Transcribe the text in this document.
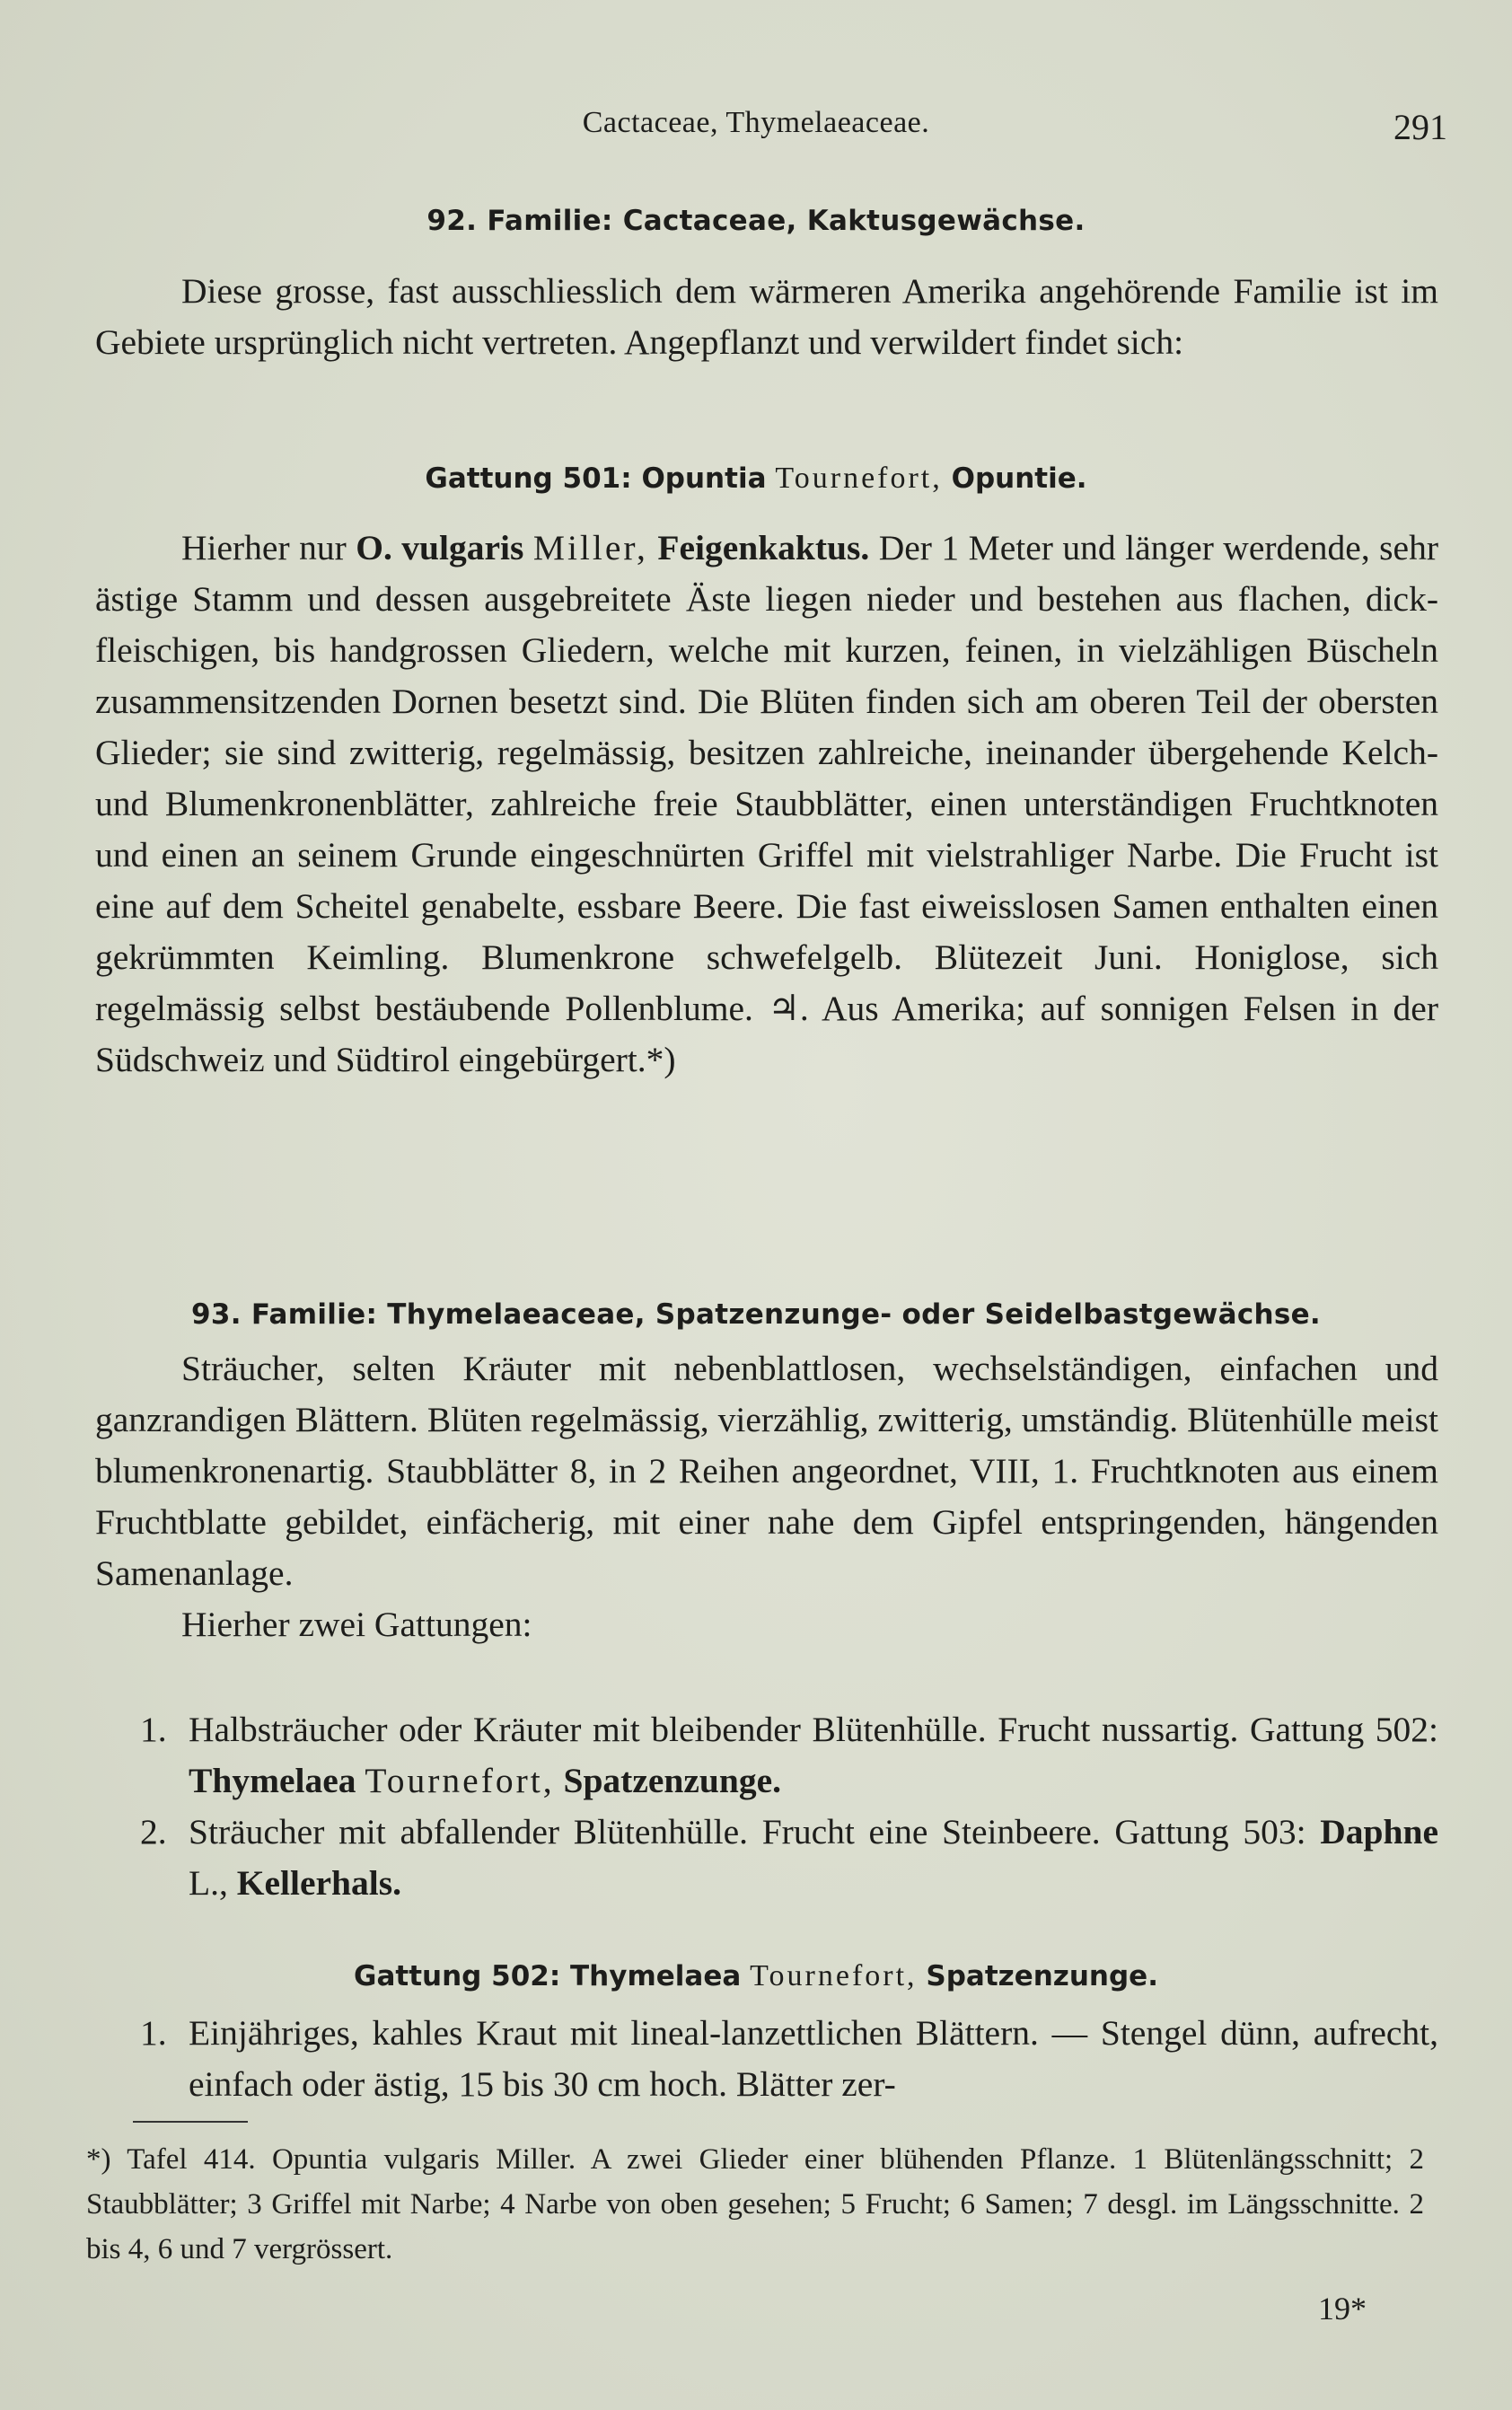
Cactaceae, Thymelaeaceae.	291
92. Familie: Cactaceae, Kaktusgewächse.

Diese grosse, fast ausschliesslich dem wärmeren Amerika angehörende Familie ist im Gebiete ursprünglich nicht vertreten. Angepflanzt und verwildert findet sich:

Gattung 501: Opuntia Tournefort, Opuntie.

Hierher nur O. vulgaris Miller, Feigenkaktus. Der 1 Meter und länger werdende, sehr ästige Stamm und dessen ausgebreitete Äste liegen nieder und bestehen aus flachen, dick-fleischigen, bis handgrossen Gliedern, welche mit kurzen, feinen, in vielzähligen Büscheln zusammensitzenden Dornen besetzt sind. Die Blüten finden sich am oberen Teil der obersten Glieder; sie sind zwitterig, regelmässig, besitzen zahlreiche, ineinander übergehende Kelch- und Blumenkronenblätter, zahlreiche freie Staubblätter, einen unterständigen Fruchtknoten und einen an seinem Grunde eingeschnürten Griffel mit vielstrahliger Narbe. Die Frucht ist eine auf dem Scheitel genabelte, essbare Beere. Die fast eiweisslosen Samen enthalten einen gekrümmten Keimling. Blumenkrone schwefelgelb. Blütezeit Juni. Honiglose, sich regelmässig selbst bestäubende Pollenblume. ♃. Aus Amerika; auf sonnigen Felsen in der Südschweiz und Südtirol eingebürgert.*)

93. Familie: Thymelaeaceae, Spatzenzunge- oder Seidelbastgewächse.

Sträucher, selten Kräuter mit nebenblattlosen, wechselständigen, einfachen und ganzrandigen Blättern. Blüten regelmässig, vierzählig, zwitterig, umständig. Blütenhülle meist blumenkronenartig. Staubblätter 8, in 2 Reihen angeordnet, VIII, 1. Fruchtknoten aus einem Fruchtblatte gebildet, einfächerig, mit einer nahe dem Gipfel entspringenden, hängenden Samenanlage.

Hierher zwei Gattungen:

1. Halbsträucher oder Kräuter mit bleibender Blütenhülle. Frucht nussartig. Gattung 502: Thymelaea Tournefort, Spatzenzunge.
2. Sträucher mit abfallender Blütenhülle. Frucht eine Steinbeere. Gattung 503: Daphne L., Kellerhals.
Gattung 502: Thymelaea Tournefort, Spatzenzunge.
1. Einjähriges, kahles Kraut mit lineal-lanzettlichen Blättern. — Stengel dünn, aufrecht, einfach oder ästig, 15 bis 30 cm hoch. Blätter zer-
*) Tafel 414. Opuntia vulgaris Miller. A zwei Glieder einer blühenden Pflanze. 1 Blütenlängsschnitt; 2 Staubblätter; 3 Griffel mit Narbe; 4 Narbe von oben gesehen; 5 Frucht; 6 Samen; 7 desgl. im Längsschnitte. 2 bis 4, 6 und 7 vergrössert.
19*
